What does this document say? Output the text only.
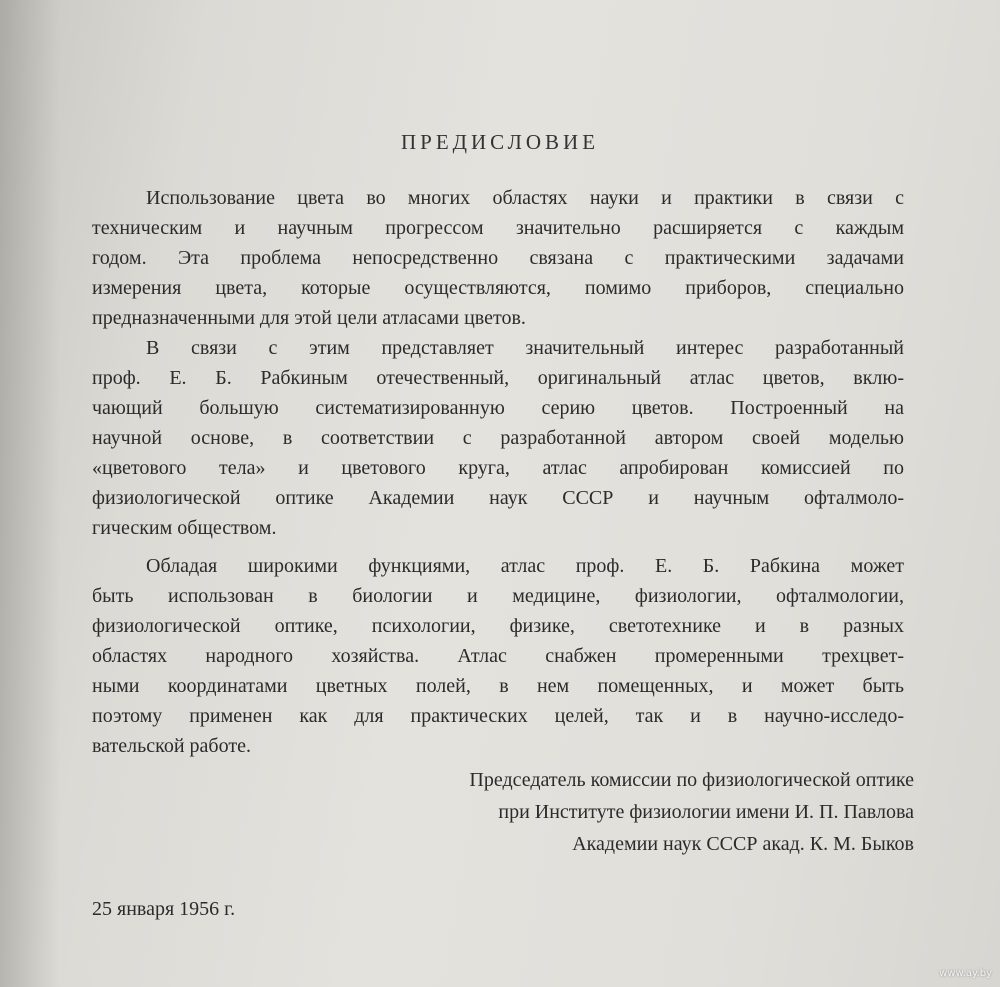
ПРЕДИСЛОВИЕ

Использование цвета во многих областях науки и практики в связи с
техническим и научным прогрессом значительно расширяется с каждым
годом. Эта проблема непосредственно связана с практическими задачами
измерения цвета, которые осуществляются, помимо приборов, специально
предназначенными для этой цели атласами цветов.

В связи с этим представляет значительный интерес разработанный
проф. Е. Б. Рабкиным отечественный, оригинальный атлас цветов, вклю-
чающий большую систематизированную серию цветов. Построенный на
научной основе, в соответствии с разработанной автором своей моделью
«цветового тела» и цветового круга, атлас апробирован комиссией по
физиологической оптике Академии наук СССР и научным офталмоло-
гическим обществом.

Обладая широкими функциями, атлас проф. Е. Б. Рабкина может
быть использован в биологии и медицине, физиологии, офталмологии,
физиологической оптике, психологии, физике, светотехнике и в разных
областях народного хозяйства. Атлас снабжен промеренными трехцвет-
ными координатами цветных полей, в нем помещенных, и может быть
поэтому применен как для практических целей, так и в научно-исследо-
вательской работе.

Председатель комиссии по физиологической оптике
при Институте физиологии имени И. П. Павлова
Академии наук СССР акад. К. М. Быков
25 января 1956 г.
www.ay.by
